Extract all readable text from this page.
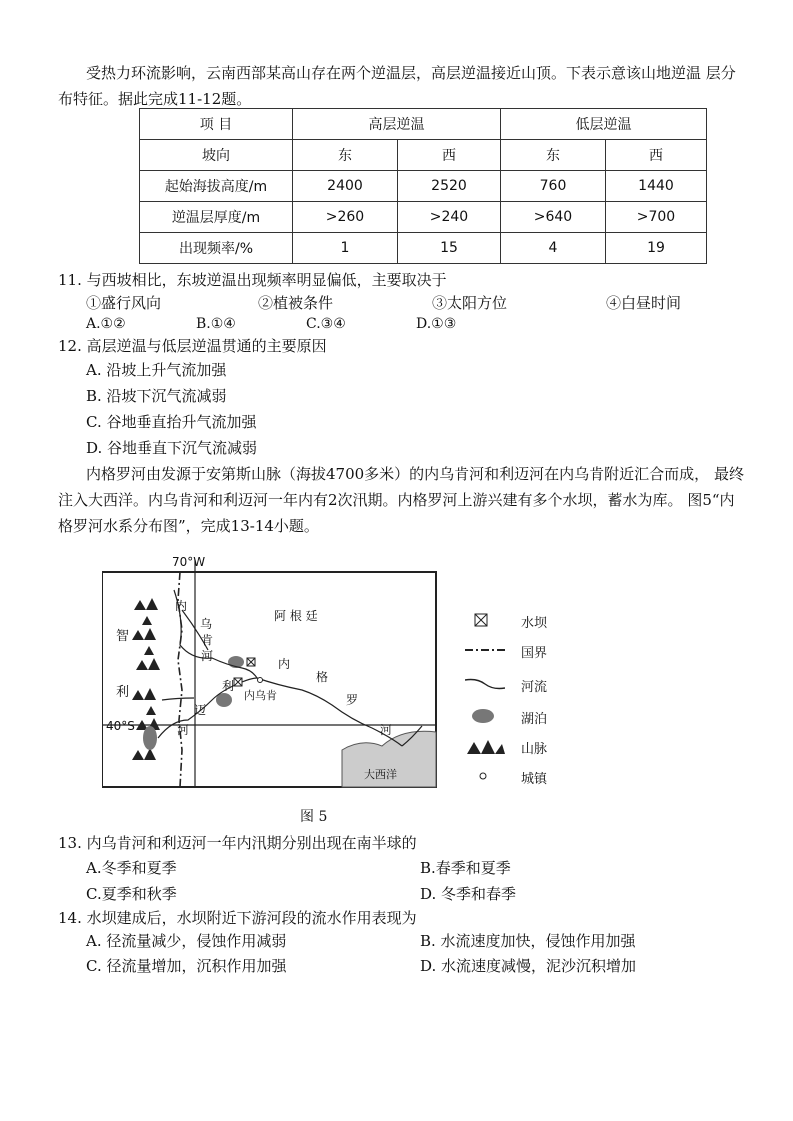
受热力环流影响，云南西部某高山存在两个逆温层，高层逆温接近山顶。下表示意该山地逆温 层分布特征。据此完成11-12题。
项 目	高层逆温		低层逆温	
坡向	东	西	东	西
起始海拔高度/m	2400	2520	760	1440
逆温层厚度/m	>260	>240	>640	>700
出现频率/%	1	15	4	19
11. 与西坡相比，东坡逆温出现频率明显偏低，主要取决于
①盛行风向	②植被条件	③太阳方位	④白昼时间
A.①②	B.①④	C.③④	D.①③
12. 高层逆温与低层逆温贯通的主要原因
A. 沿坡上升气流加强
B. 沿坡下沉气流减弱
C. 谷地垂直抬升气流加强
D. 谷地垂直下沉气流减弱
内格罗河由发源于安第斯山脉（海拔4700多米）的内乌肯河和利迈河在内乌肯附近汇合而成， 最终注入大西洋。内乌肯河和利迈河一年内有2次汛期。内格罗河上游兴建有多个水坝，蓄水为库。 图5“内格罗河水系分布图”，完成13-14小题。
70°W
40°S
阿 根 廷
智
利
内
乌
肯
河
利
迈
河
内
格
罗
河
内乌肯
大西洋
水坝
国界
河流
湖泊
山脉
城镇
图 5
13. 内乌肯河和利迈河一年内汛期分别出现在南半球的
A.冬季和夏季	B.春季和夏季
C.夏季和秋季	D. 冬季和春季
14. 水坝建成后，水坝附近下游河段的流水作用表现为
A. 径流量减少，侵蚀作用减弱	B. 水流速度加快，侵蚀作用加强
C. 径流量增加，沉积作用加强	D. 水流速度减慢，泥沙沉积增加
